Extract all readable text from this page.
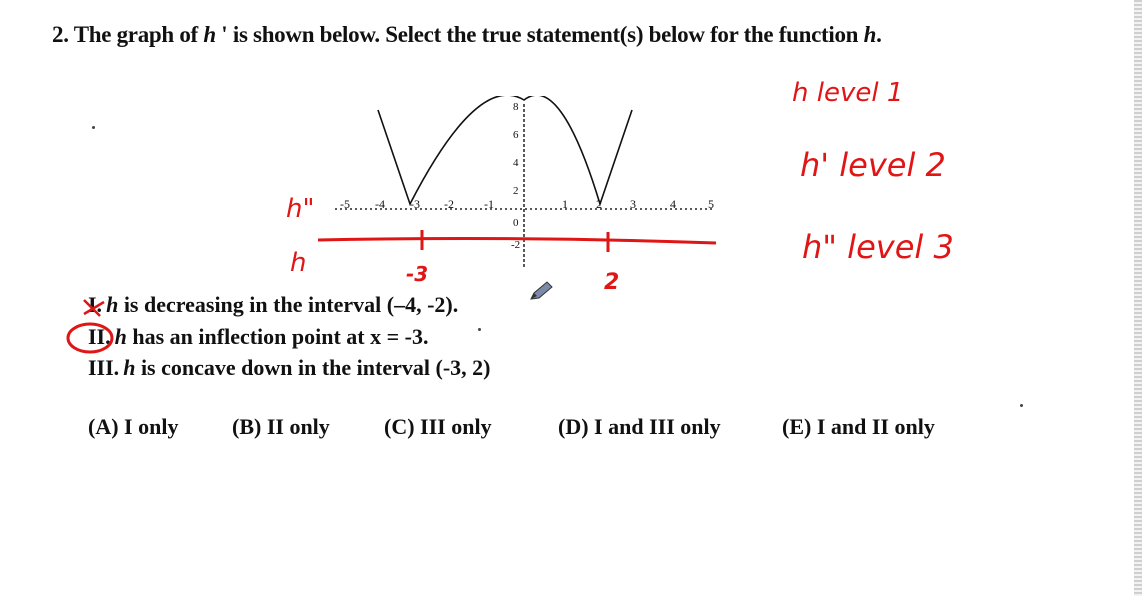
2. The graph of h ' is shown below. Select the true statement(s) below for the function h.
-5 -4 -3 -2	-1	1 2 3	4	5
8
6
4
2
0
-2
h level 1
h' level 2
h" level 3
h"
h	-3	2
I. h is decreasing in the interval (–4, -2).
II. h has an inflection point at x = -3.
III. h is concave down in the interval (-3, 2)
(A) I only (B) II only (C) III only	(D) I and III only	(E) I and II only
